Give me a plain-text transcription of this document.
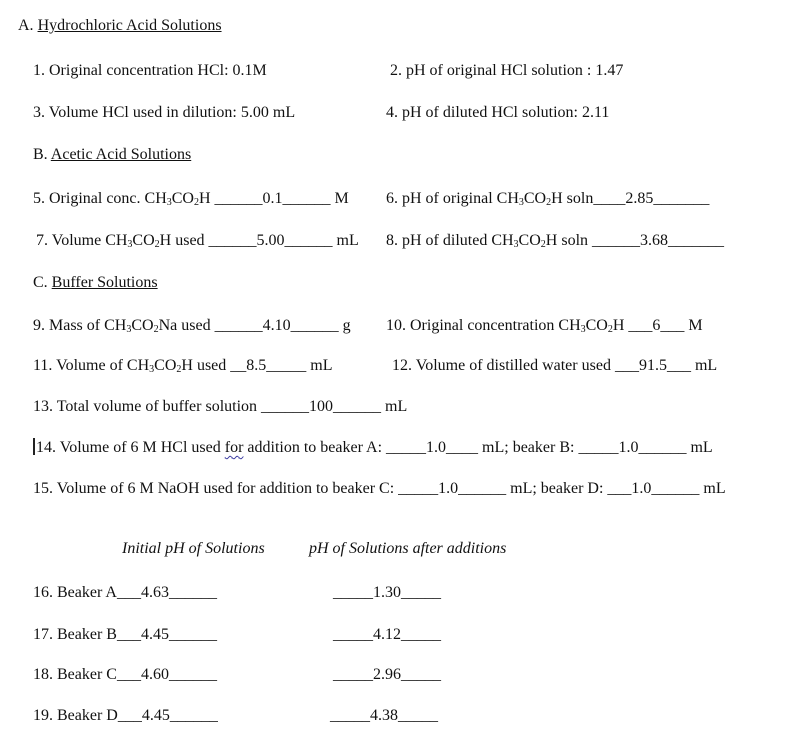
A. Hydrochloric Acid Solutions
1. Original concentration HCl: 0.1M	2. pH of original HCl solution : 1.47
3. Volume HCl used in dilution: 5.00 mL	4. pH of diluted HCl solution: 2.11
B. Acetic Acid Solutions
5. Original conc. $CH_3CO_2H$ ______0.1______ M 6. pH of original $CH_3CO_2H$ soln____2.85_______
7. Volume $CH_3CO_2H$ used ______5.00______ mL 8. pH of diluted $CH_3CO_2H$ soln ______3.68_______
C. Buffer Solutions
9. Mass of $CH_3CO_2Na$ used ______4.10______ g 10. Original concentration $CH_3CO_2H$ ___6___ M
11. Volume of $CH_3CO_2H$ used __8.5_____ mL	12. Volume of distilled water used ___91.5___ mL
13. Total volume of buffer solution ______100______ mL
14. Volume of 6 M HCl used for addition to beaker A: _____1.0____ mL; beaker B: _____1.0______ mL
15. Volume of 6 M NaOH used for addition to beaker C: _____1.0______ mL; beaker D: ___1.0______ mL
Initial pH of Solutions	pH of Solutions after additions
16. Beaker A___4.63______	_____1.30_____
17. Beaker B___4.45______	_____4.12_____
18. Beaker C___4.60______	_____2.96_____
19. Beaker D___4.45______	_____4.38_____
